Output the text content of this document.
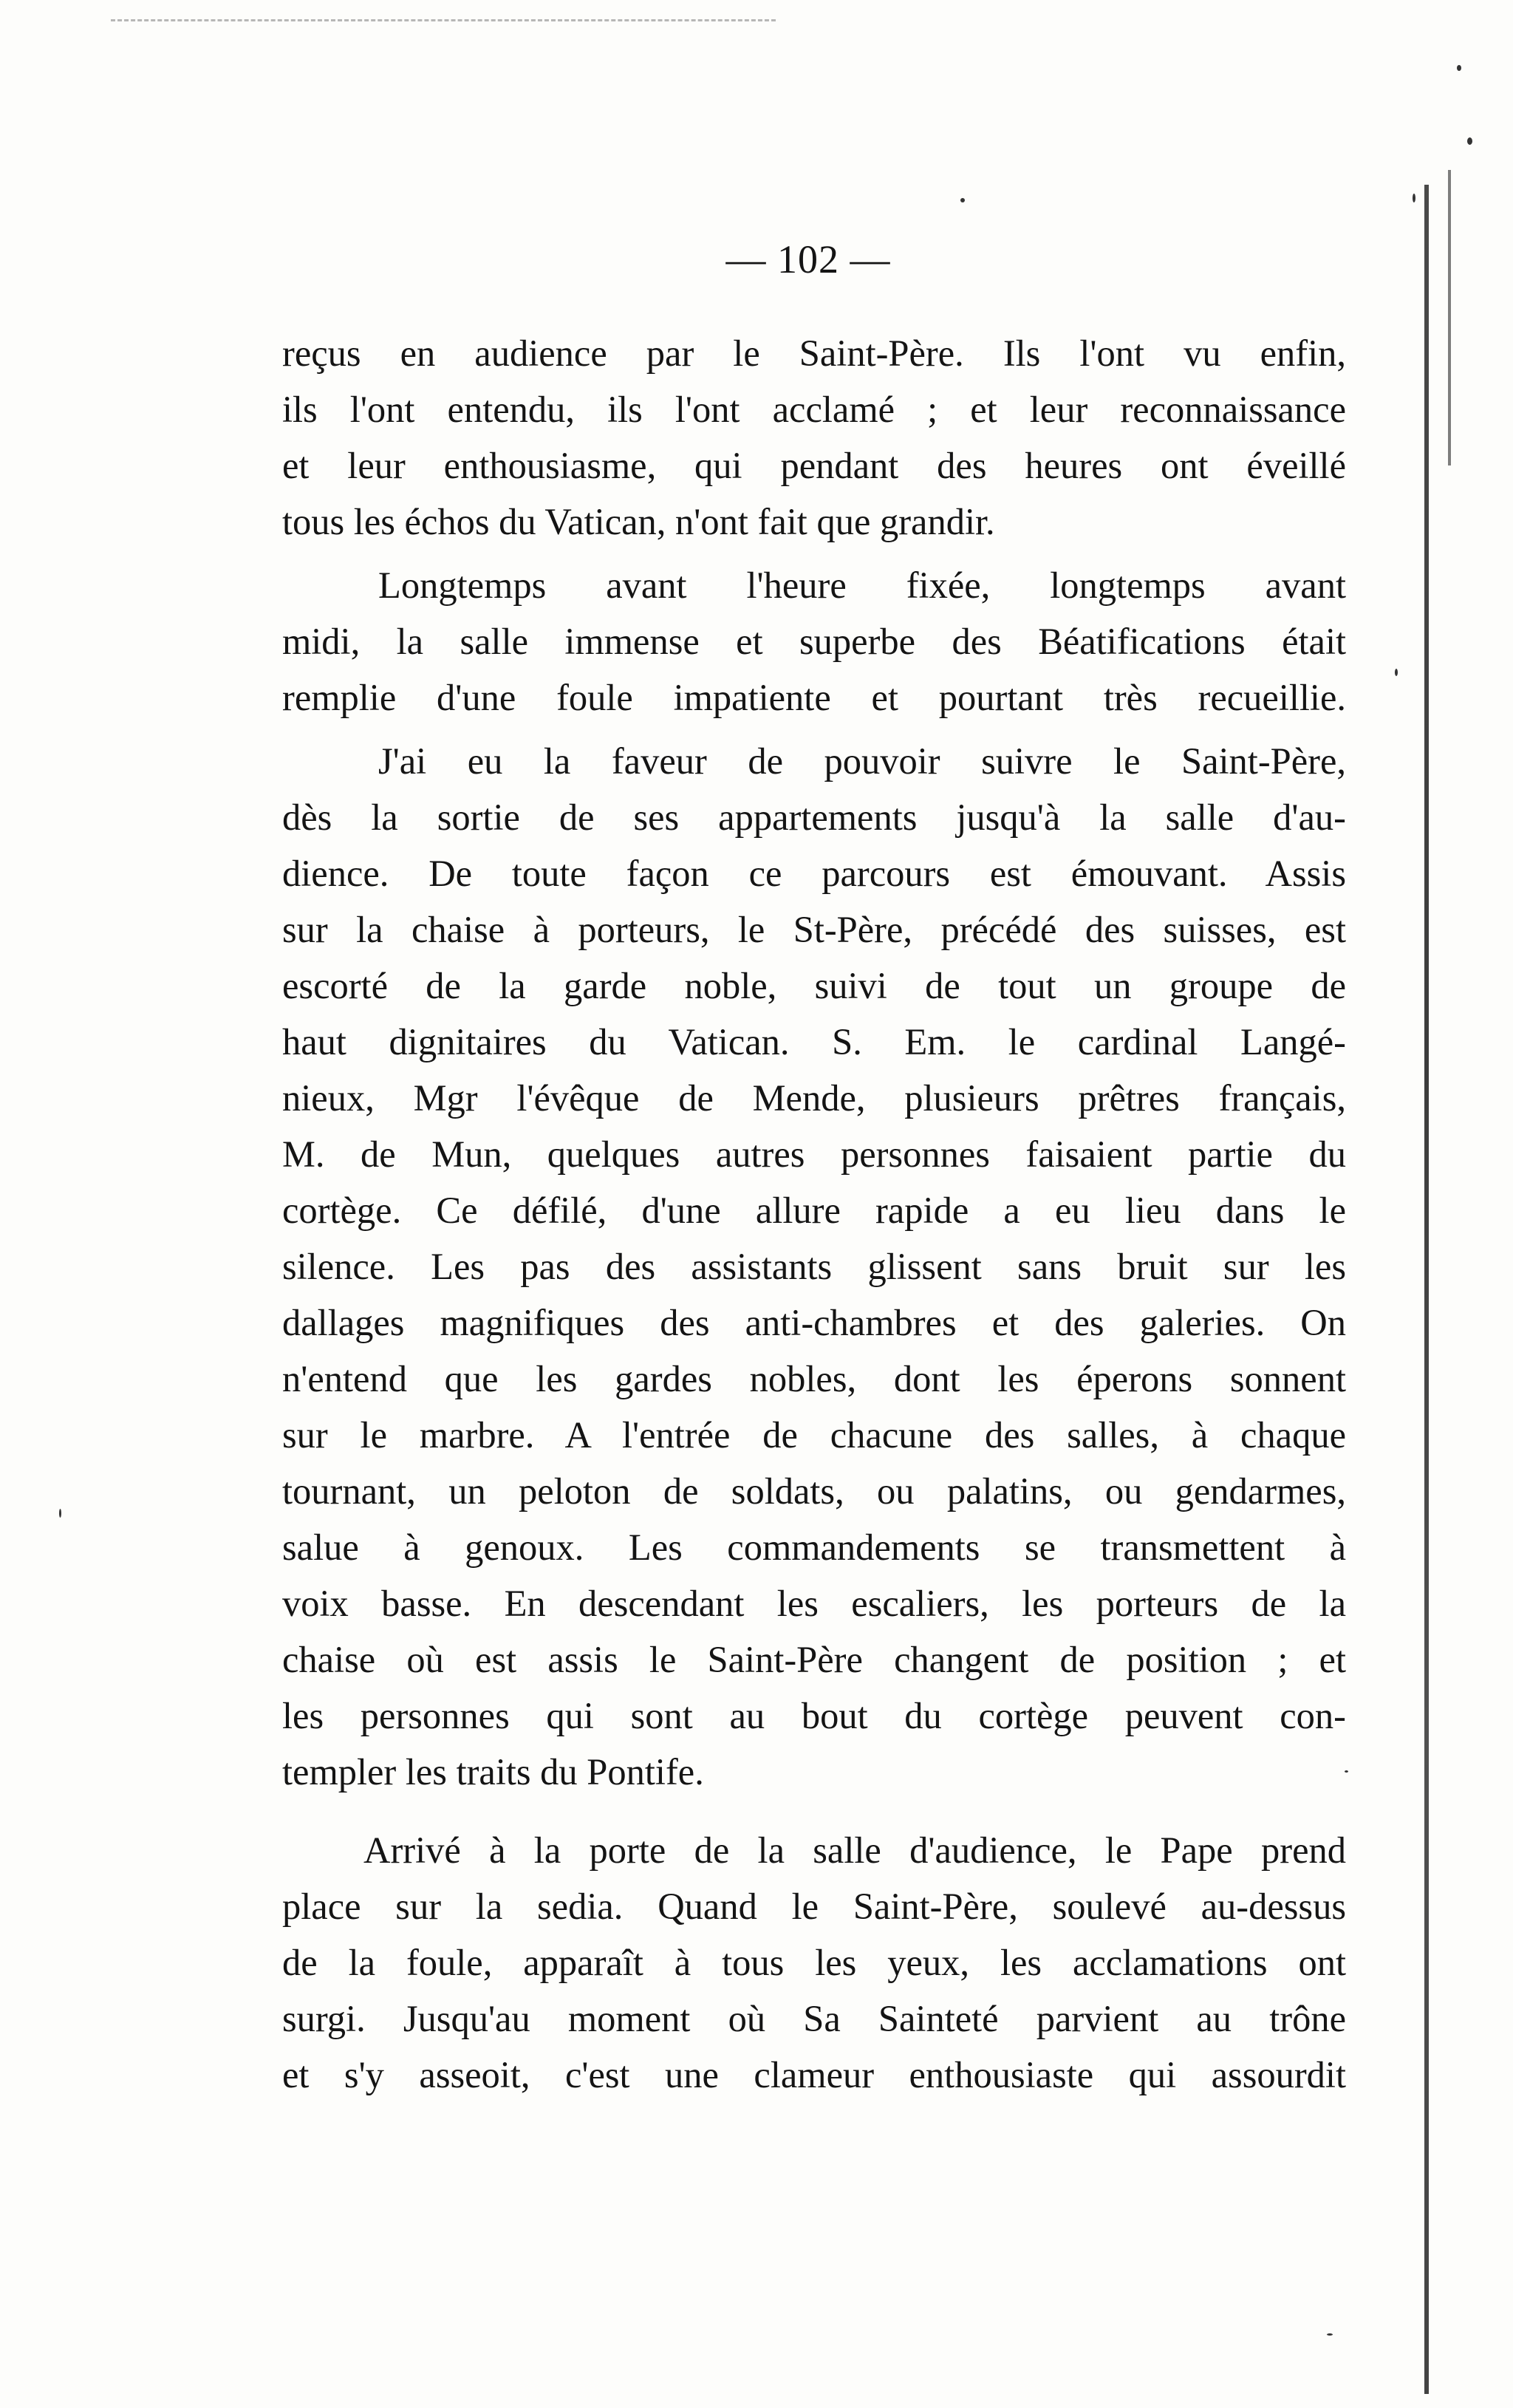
— 102 —
reçus en audience par le Saint-Père. Ils l'ont vu enfin,
ils l'ont entendu, ils l'ont acclamé ; et leur reconnaissance
et leur enthousiasme, qui pendant des heures ont éveillé
tous les échos du Vatican, n'ont fait que grandir.
Longtemps avant l'heure fixée, longtemps avant
midi, la salle immense et superbe des Béatifications était
remplie d'une foule impatiente et pourtant très recueillie.
J'ai eu la faveur de pouvoir suivre le Saint-Père,
dès la sortie de ses appartements jusqu'à la salle d'au-
dience. De toute façon ce parcours est émouvant. Assis
sur la chaise à porteurs, le St-Père, précédé des suisses, est
escorté de la garde noble, suivi de tout un groupe de
haut dignitaires du Vatican. S. Em. le cardinal Langé-
nieux, Mgr l'évêque de Mende, plusieurs prêtres français,
M. de Mun, quelques autres personnes faisaient partie du
cortège. Ce défilé, d'une allure rapide a eu lieu dans le
silence. Les pas des assistants glissent sans bruit sur les
dallages magnifiques des anti-chambres et des galeries. On
n'entend que les gardes nobles, dont les éperons sonnent
sur le marbre. A l'entrée de chacune des salles, à chaque
tournant, un peloton de soldats, ou palatins, ou gendarmes,
salue à genoux. Les commandements se transmettent à
voix basse. En descendant les escaliers, les porteurs de la
chaise où est assis le Saint-Père changent de position ; et
les personnes qui sont au bout du cortège peuvent con-
templer les traits du Pontife.
Arrivé à la porte de la salle d'audience, le Pape prend
place sur la sedia. Quand le Saint-Père, soulevé au-dessus
de la foule, apparaît à tous les yeux, les acclamations ont
surgi. Jusqu'au moment où Sa Sainteté parvient au trône
et s'y asseoit, c'est une clameur enthousiaste qui assourdit
